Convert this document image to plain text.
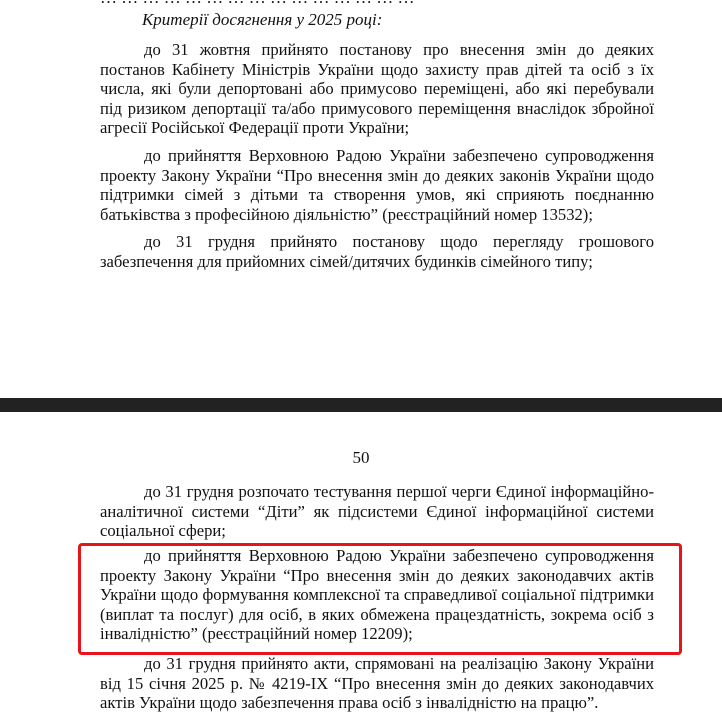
Критерії досягнення у 2025 році:
до 31 жовтня прийнято постанову про внесення змін до деяких постанов Кабінету Міністрів України щодо захисту прав дітей та осіб з їх числа, які були депортовані або примусово переміщені, або які перебували під ризиком депортації та/або примусового переміщення внаслідок збройної агресії Російської Федерації проти України;
до прийняття Верховною Радою України забезпечено супроводження проекту Закону України “Про внесення змін до деяких законів України щодо підтримки сімей з дітьми та створення умов, які сприяють поєднанню батьківства з професійною діяльністю” (реєстраційний номер 13532);
до 31 грудня прийнято постанову щодо перегляду грошового забезпечення для прийомних сімей/дитячих будинків сімейного типу;
50
до 31 грудня розпочато тестування першої черги Єдиної інформаційно-аналітичної системи “Діти” як підсистеми Єдиної інформаційної системи соціальної сфери;
до прийняття Верховною Радою України забезпечено супроводження проекту Закону України “Про внесення змін до деяких законодавчих актів України щодо формування комплексної та справедливої соціальної підтримки (виплат та послуг) для осіб, в яких обмежена працездатність, зокрема осіб з інвалідністю” (реєстраційний номер 12209);
до 31 грудня прийнято акти, спрямовані на реалізацію Закону України від 15 січня 2025 р. № 4219-IX “Про внесення змін до деяких законодавчих актів України щодо забезпечення права осіб з інвалідністю на працю”.
